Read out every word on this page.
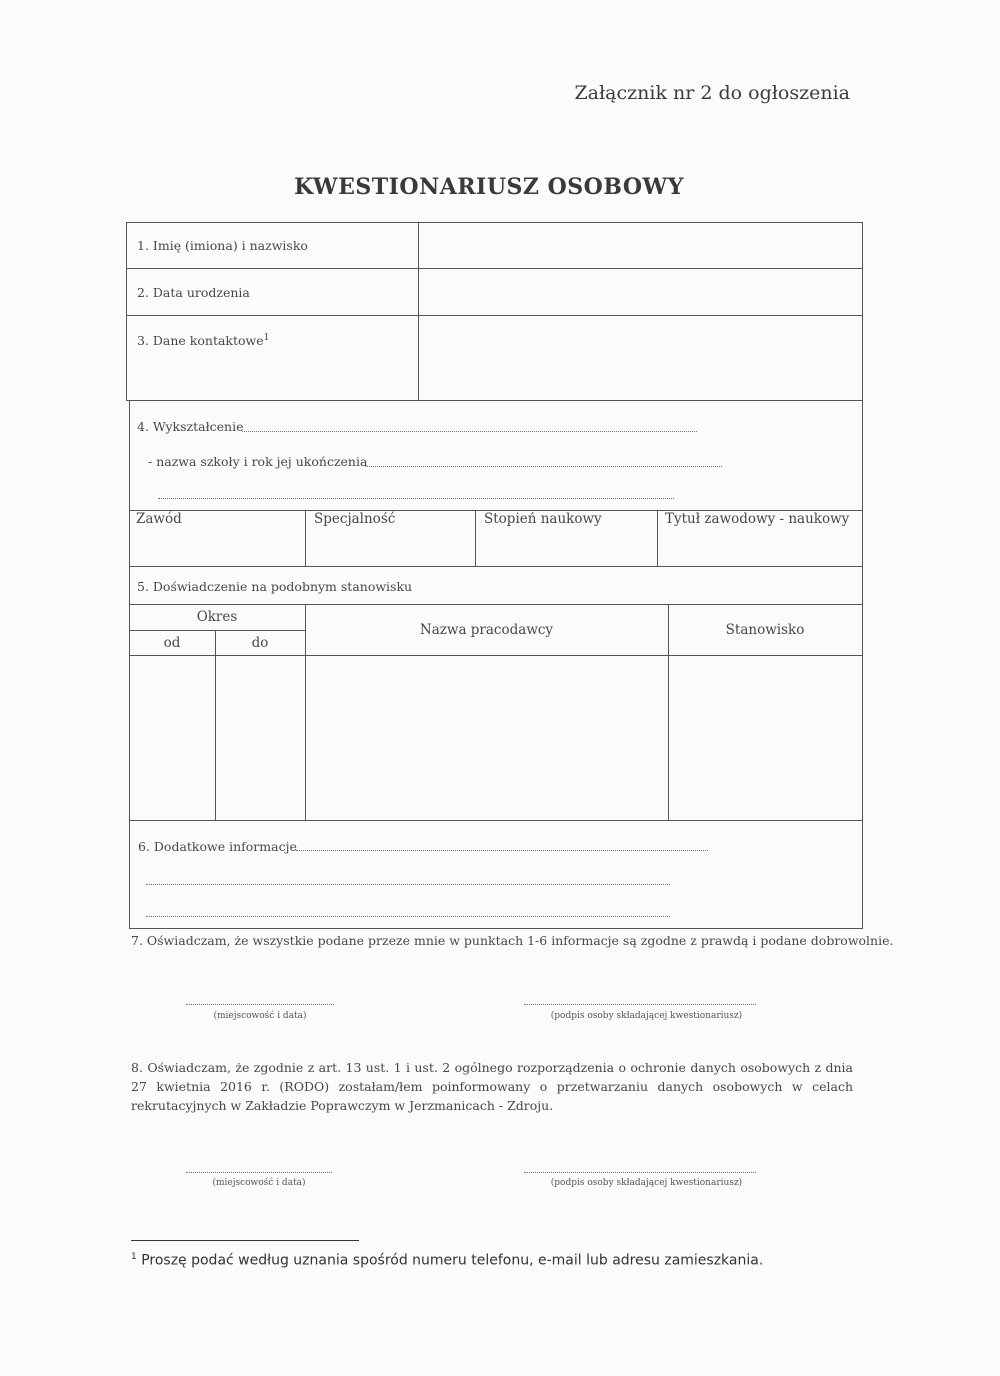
Załącznik nr 2 do ogłoszenia
KWESTIONARIUSZ OSOBOWY
1. Imię (imiona) i nazwisko
2. Data urodzenia
3. Dane kontaktowe$^1$
4. Wykształcenie
- nazwa szkoły i rok jej ukończenia
Zawód	Specjalność	Stopień naukowy	Tytuł zawodowy - naukowy
5. Doświadczenie na podobnym stanowisku
Okres
od	do
Nazwa pracodawcy	Stanowisko
6. Dodatkowe informacje
7. Oświadczam, że wszystkie podane przeze mnie w punktach 1-6 informacje są zgodne z prawdą i podane dobrowolnie.
(miejscowość i data)	(podpis osoby składającej kwestionariusz)
8. Oświadczam, że zgodnie z art. 13 ust. 1 i ust. 2 ogólnego rozporządzenia o ochronie danych osobowych z dnia
27 kwietnia 2016 r. (RODO) zostałam/łem poinformowany o przetwarzaniu danych osobowych w celach
rekrutacyjnych w Zakładzie Poprawczym w Jerzmanicach - Zdroju.
(miejscowość i data)	(podpis osoby składającej kwestionariusz)
$^1$ Proszę podać według uznania spośród numeru telefonu, e-mail lub adresu zamieszkania.
